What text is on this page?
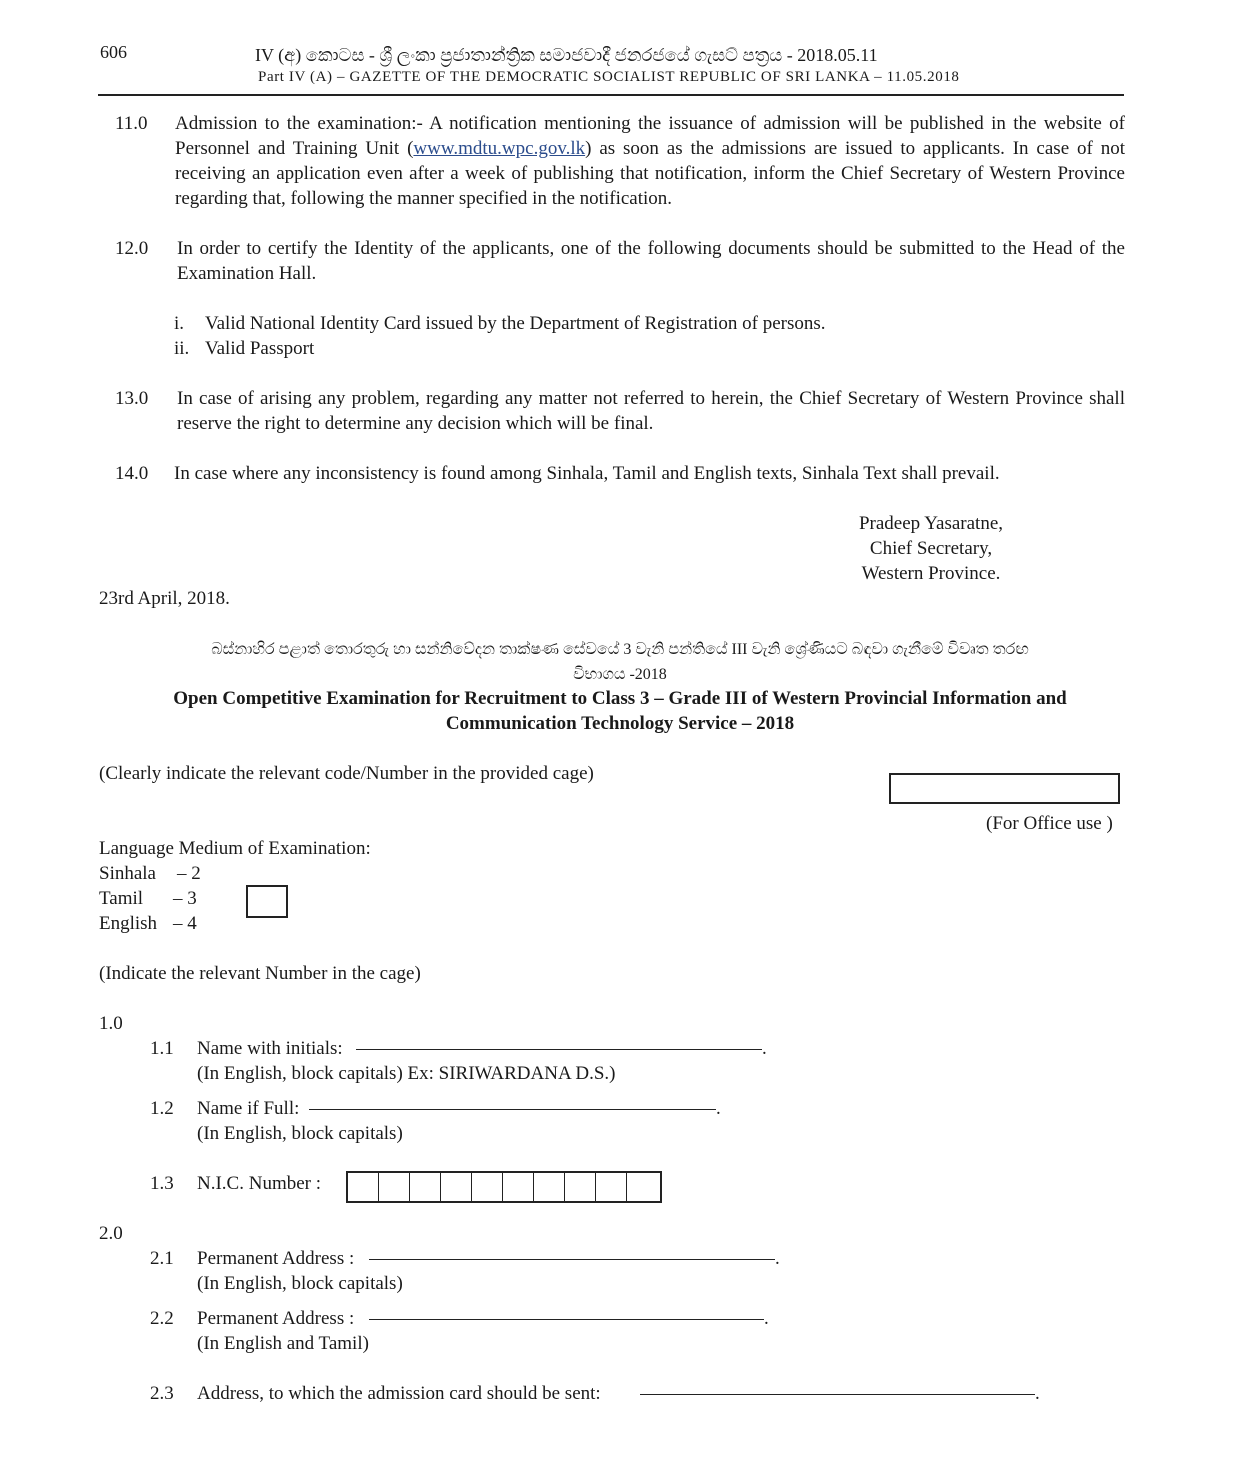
606	IV (අ) කොටස - ශ්‍රී ලංකා ප්‍රජාතාන්ත්‍රික සමාජවාදී ජනරජයේ ගැසට් පත්‍රය - 2018.05.11
Part IV (A) – GAZETTE OF THE DEMOCRATIC SOCIALIST REPUBLIC OF SRI LANKA – 11.05.2018
11.0 Admission to the examination:- A notification mentioning the issuance of admission will be published in the website of Personnel and Training Unit (www.mdtu.wpc.gov.lk) as soon as the admissions are issued to applicants. In case of not receiving an application even after a week of publishing that notification, inform the Chief Secretary of Western Province regarding that, following the manner specified in the notification.
12.0 In order to certify the Identity of the applicants, one of the following documents should be submitted to the Head of the Examination Hall.
i. Valid National Identity Card issued by the Department of Registration of persons.
ii. Valid Passport
13.0 In case of arising any problem, regarding any matter not referred to herein, the Chief Secretary of Western Province shall reserve the right to determine any decision which will be final.
14.0 In case where any inconsistency is found among Sinhala, Tamil and English texts, Sinhala Text shall prevail.
Pradeep Yasaratne,
Chief Secretary,
Western Province.
23rd April, 2018.
බස්නාහිර පළාත් තොරතුරු හා සන්නිවේදන තාක්ෂණ සේවයේ 3 වැනි පන්තියේ III වැනි ශ්‍රේණියට බඳවා ගැනීමේ විවෘත තරඟ
විභාගය -2018
Open Competitive Examination for Recruitment to Class 3 – Grade III of Western Provincial Information and
Communication Technology Service – 2018
(Clearly indicate the relevant code/Number in the provided cage)
(For Office use )
Language Medium of Examination:
Sinhala – 2
Tamil – 3
English – 4
(Indicate the relevant Number in the cage)
1.0
1.1 Name with initials:	.
(In English, block capitals) Ex: SIRIWARDANA D.S.)
1.2 Name if Full:	.
(In English, block capitals)
1.3 N.I.C. Number :
2.0
2.1 Permanent Address :	.
(In English, block capitals)
2.2 Permanent Address :	.
(In English and Tamil)
2.3 Address, to which the admission card should be sent:	.
